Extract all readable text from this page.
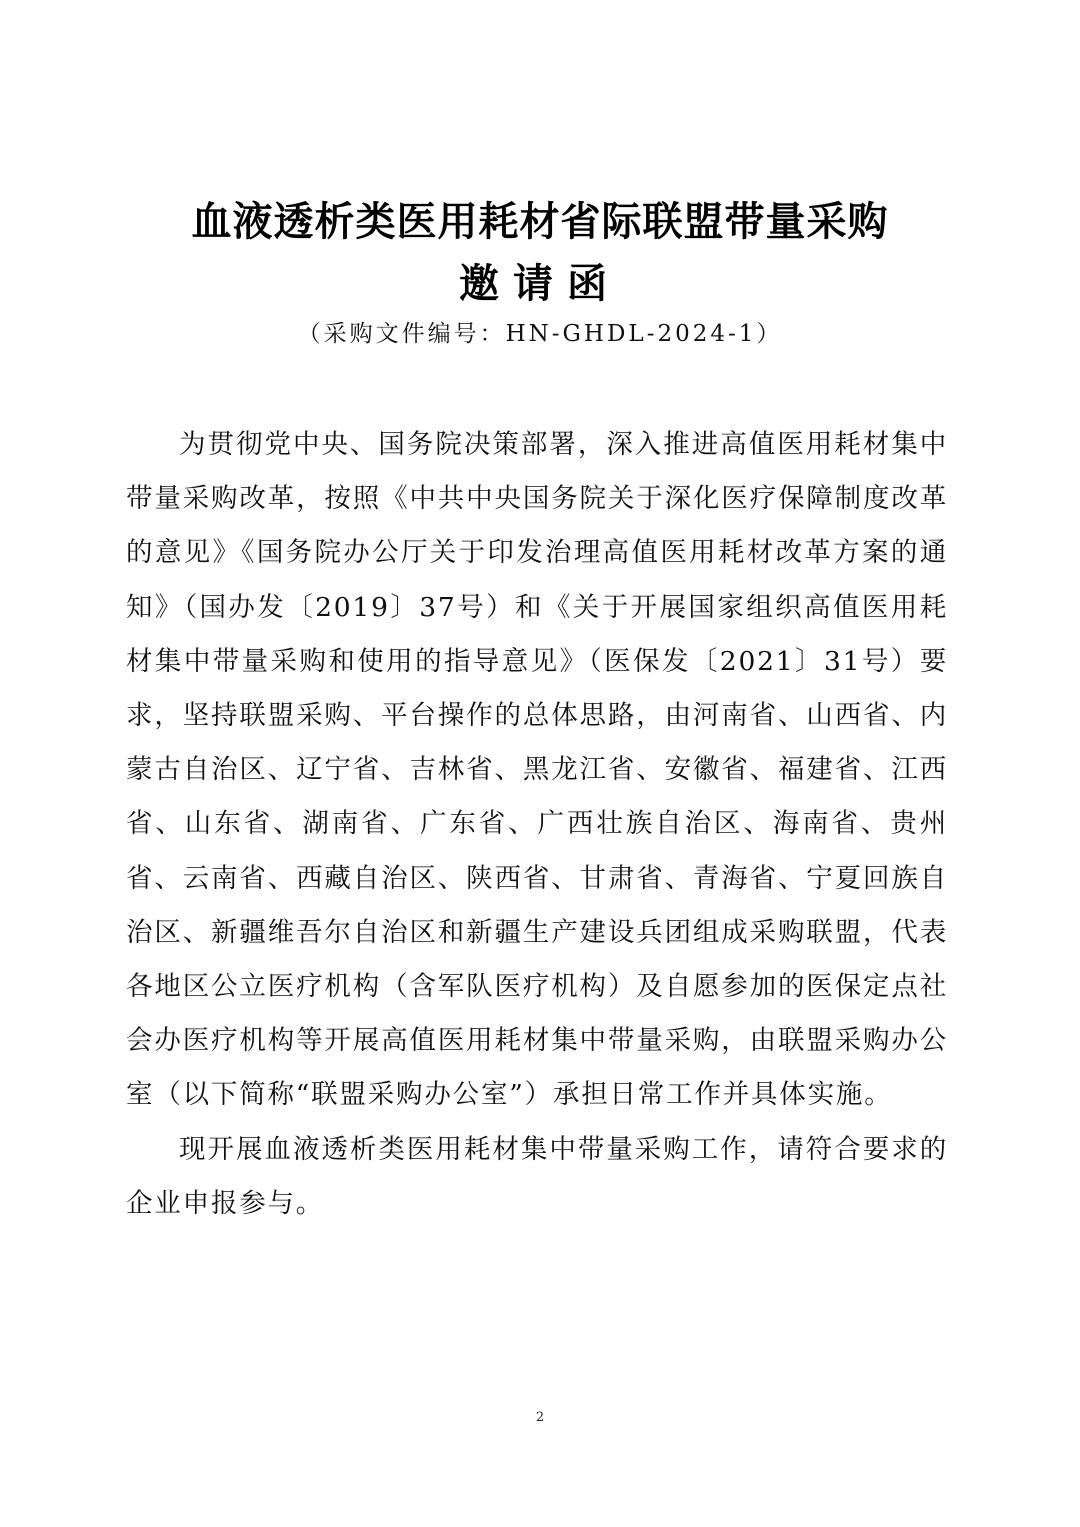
血液透析类医用耗材省际联盟带量采购
邀请函
（采购文件编号：HN-GHDL-2024-1）

为贯彻党中央、国务院决策部署，深入推进高值医用耗材集中带量采购改革，按照《中共中央国务院关于深化医疗保障制度改革的意见》《国务院办公厅关于印发治理高值医用耗材改革方案的通知》（国办发〔2019〕37号）和《关于开展国家组织高值医用耗材集中带量采购和使用的指导意见》（医保发〔2021〕31号）要求，坚持联盟采购、平台操作的总体思路，由河南省、山西省、内蒙古自治区、辽宁省、吉林省、黑龙江省、安徽省、福建省、江西省、山东省、湖南省、广东省、广西壮族自治区、海南省、贵州省、云南省、西藏自治区、陕西省、甘肃省、青海省、宁夏回族自治区、新疆维吾尔自治区和新疆生产建设兵团组成采购联盟，代表各地区公立医疗机构（含军队医疗机构）及自愿参加的医保定点社会办医疗机构等开展高值医用耗材集中带量采购，由联盟采购办公室（以下简称“联盟采购办公室”）承担日常工作并具体实施。

现开展血液透析类医用耗材集中带量采购工作，请符合要求的企业申报参与。

2
